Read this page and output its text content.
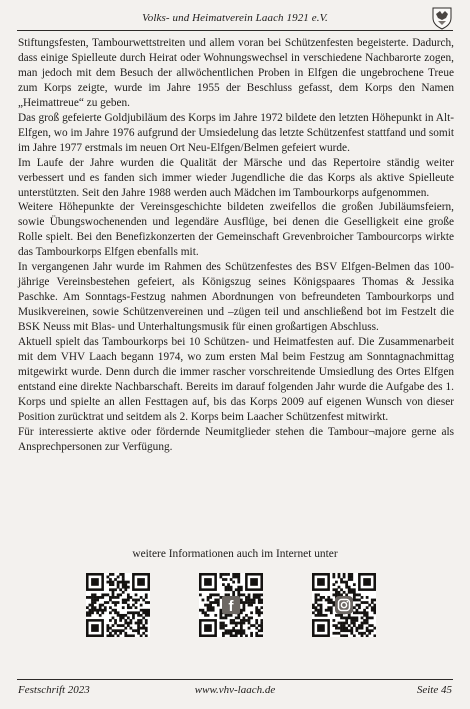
Volks- und Heimatverein Laach 1921 e.V.

Stiftungsfesten, Tambourwettstreiten und allem voran bei Schützenfesten begeisterte. Dadurch, dass einige Spielleute durch Heirat oder Wohnungswechsel in verschiedene Nachbarorte zogen, man jedoch mit dem Besuch der allwöchentlichen Proben in Elfgen die ungebrochene Treue zum Korps zeigte, wurde im Jahre 1955 der Beschluss gefasst, dem Korps den Namen „Heimattreue“ zu geben.

Das groß gefeierte Goldjubiläum des Korps im Jahre 1972 bildete den letzten Höhepunkt in Alt-Elfgen, wo im Jahre 1976 aufgrund der Umsiedelung das letzte Schützenfest stattfand und somit im Jahre 1977 erstmals im neuen Ort Neu-Elfgen/Belmen gefeiert wurde.

Im Laufe der Jahre wurden die Qualität der Märsche und das Repertoire ständig weiter verbessert und es fanden sich immer wieder Jugendliche die das Korps als aktive Spielleute unterstützten. Seit den Jahre 1988 werden auch Mädchen im Tambourkorps aufgenommen.

Weitere Höhepunkte der Vereinsgeschichte bildeten zweifellos die großen Jubiläumsfeiern, sowie Übungswochenenden und legendäre Ausflüge, bei denen die Geselligkeit eine große Rolle spielt. Bei den Benefizkonzerten der Gemeinschaft Grevenbroicher Tambourcorps wirkte das Tambourkorps Elfgen ebenfalls mit.

In vergangenen Jahr wurde im Rahmen des Schützenfestes des BSV Elfgen-Belmen das 100-jährige Vereinsbestehen gefeiert, als Königszug seines Königspaares Thomas & Jessika Paschke. Am Sonntags-Festzug nahmen Abordnungen von befreundeten Tambourkorps und Musikvereinen, sowie Schützenvereinen und –zügen teil und anschließend bot im Festzelt die BSK Neuss mit Blas- und Unterhaltungsmusik für einen großartigen Abschluss.

Aktuell spielt das Tambourkorps bei 10 Schützen- und Heimatfesten auf. Die Zusammenarbeit mit dem VHV Laach begann 1974, wo zum ersten Mal beim Festzug am Sonntagnachmittag mitgewirkt wurde. Denn durch die immer rascher vorschreitende Umsiedlung des Ortes Elfgen entstand eine direkte Nachbarschaft. Bereits im darauf folgenden Jahr wurde die Aufgabe des 1. Korps und spielte an allen Festtagen auf, bis das Korps 2009 auf eigenen Wunsch von dieser Position zurücktrat und seitdem als 2. Korps beim Laacher Schützenfest mitwirkt.

Für interessierte aktive oder fördernde Neumitglieder stehen die Tambour¬majore gerne als Ansprechpersonen zur Verfügung.

weitere Informationen auch im Internet unter
f
Festschrift 2023	www.vhv-laach.de	Seite 45
